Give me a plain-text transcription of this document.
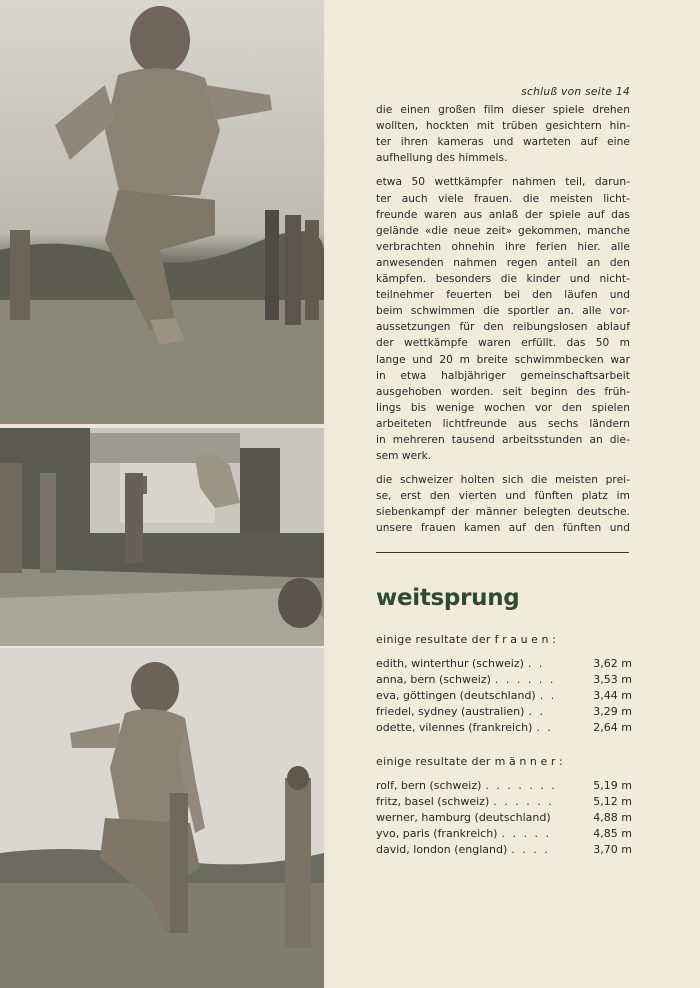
schluß von seite 14

die einen großen film dieser spiele drehen
wollten, hockten mit trüben gesichtern hin-
ter ihren kameras und warteten auf eine
aufhellung des himmels.

etwa 50 wettkämpfer nahmen teil, darun-
ter auch viele frauen. die meisten licht-
freunde waren aus anlaß der spiele auf das
gelände «die neue zeit» gekommen, manche
verbrachten ohnehin ihre ferien hier. alle
anwesenden nahmen regen anteil an den
kämpfen. besonders die kinder und nicht-
teilnehmer feuerten bei den läufen und
beim schwimmen die sportler an. alle vor-
aussetzungen für den reibungslosen ablauf
der wettkämpfe waren erfüllt. das 50 m
lange und 20 m breite schwimmbecken war
in etwa halbjähriger gemeinschaftsarbeit
ausgehoben worden. seit beginn des früh-
lings bis wenige wochen vor den spielen
arbeiteten lichtfreunde aus sechs ländern
in mehreren tausend arbeitsstunden an die-
sem werk.

die schweizer holten sich die meisten prei-
se, erst den vierten und fünften platz im
siebenkampf der männer belegten deutsche.
unsere frauen kamen auf den fünften und

weitsprung

einige resultate der frauen:

edith, winterthur (schweiz) . .	3,62 m
anna, bern (schweiz) . . . . . .	3,53 m
eva, göttingen (deutschland) . .	3,44 m
friedel, sydney (australien) . .	3,29 m
odette, vilennes (frankreich) . .	2,64 m

einige resultate der männer:

rolf, bern (schweiz) . . . . . . .	5,19 m
fritz, basel (schweiz) . . . . . .	5,12 m
werner, hamburg (deutschland)	4,88 m
yvo, paris (frankreich) . . . . .	4,85 m
david, london (england) . . . .	3,70 m
